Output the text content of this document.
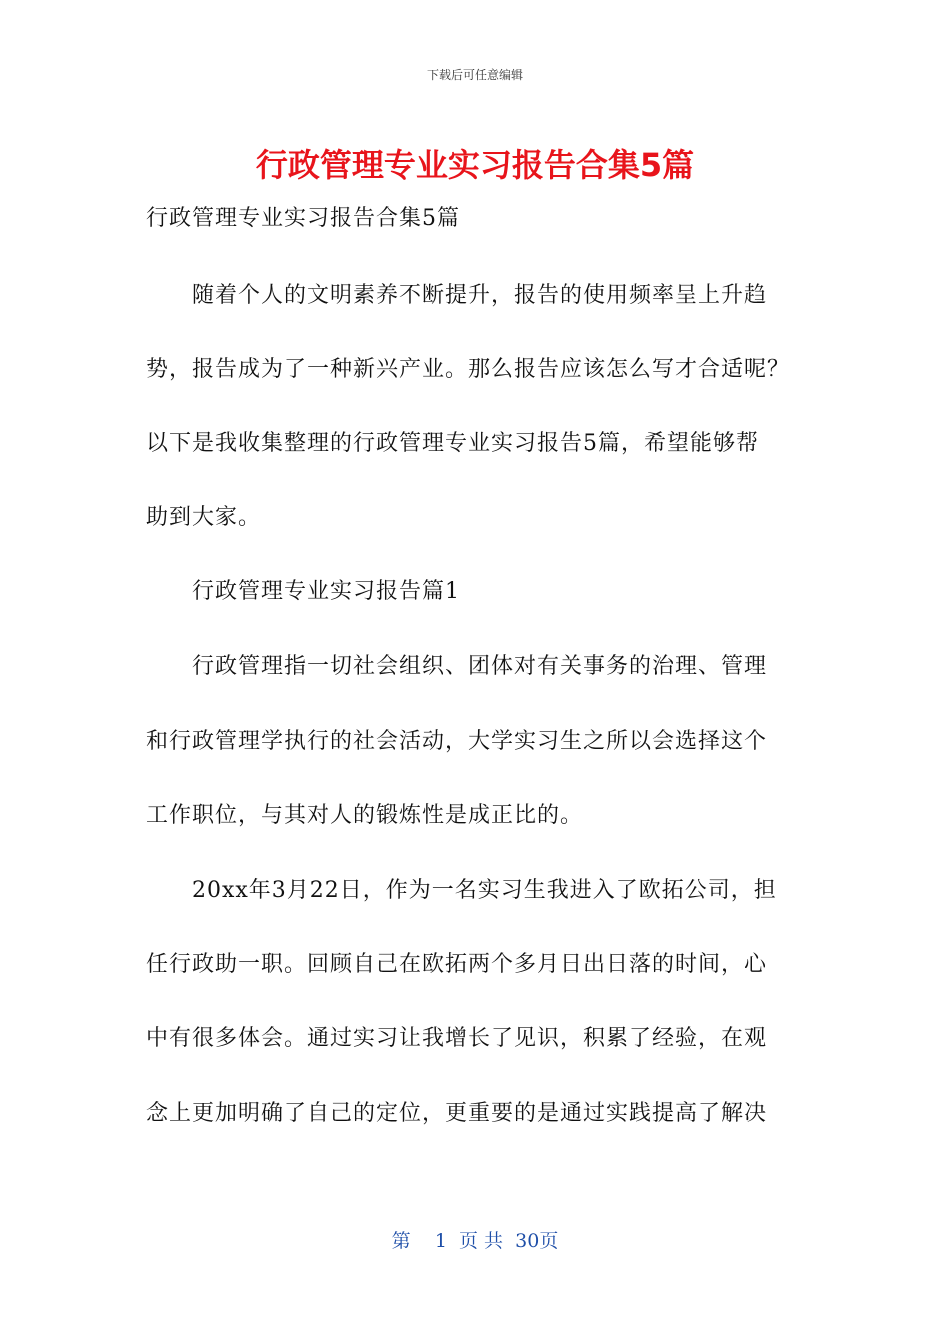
下载后可任意编辑
行政管理专业实习报告合集5篇
行政管理专业实习报告合集5篇
随着个人的文明素养不断提升，报告的使用频率呈上升趋
势，报告成为了一种新兴产业。那么报告应该怎么写才合适呢？
以下是我收集整理的行政管理专业实习报告5篇，希望能够帮
助到大家。
行政管理专业实习报告篇1
行政管理指一切社会组织、团体对有关事务的治理、管理
和行政管理学执行的社会活动，大学实习生之所以会选择这个
工作职位，与其对人的锻炼性是成正比的。
20xx年3月22日，作为一名实习生我进入了欧拓公司，担
任行政助一职。回顾自己在欧拓两个多月日出日落的时间，心
中有很多体会。通过实习让我增长了见识，积累了经验，在观
念上更加明确了自己的定位，更重要的是通过实践提高了解决
第 1 页 共 30页
